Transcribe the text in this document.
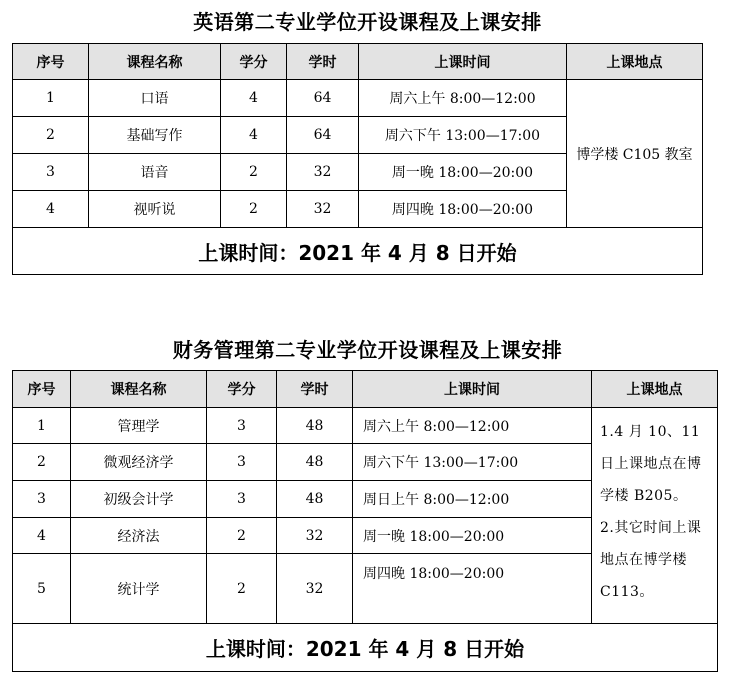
英语第二专业学位开设课程及上课安排
序号	课程名称	学分	学时	上课时间	上课地点
1	口语	4	64	周六上午 8:00—12:00	博学楼 C105 教室
2	基础写作	4	64	周六下午 13:00—17:00	
3	语音	2	32	周一晚 18:00—20:00	
4	视听说	2	32	周四晚 18:00—20:00	
上课时间：2021 年 4 月 8 日开始					
财务管理第二专业学位开设课程及上课安排
序号	课程名称	学分	学时	上课时间	上课地点
1	管理学	3	48	周六上午 8:00—12:00	1.4 月 10、11 日上课地点在博学楼 B205。
2.其它时间上课地点在博学楼 C113。

2	微观经济学	3	48	周六下午 13:00—17:00	
3	初级会计学	3	48	周日上午 8:00—12:00	
4	经济法	2	32	周一晚 18:00—20:00	
5	统计学	2	32	周四晚 18:00—20:00	
上课时间：2021 年 4 月 8 日开始					
